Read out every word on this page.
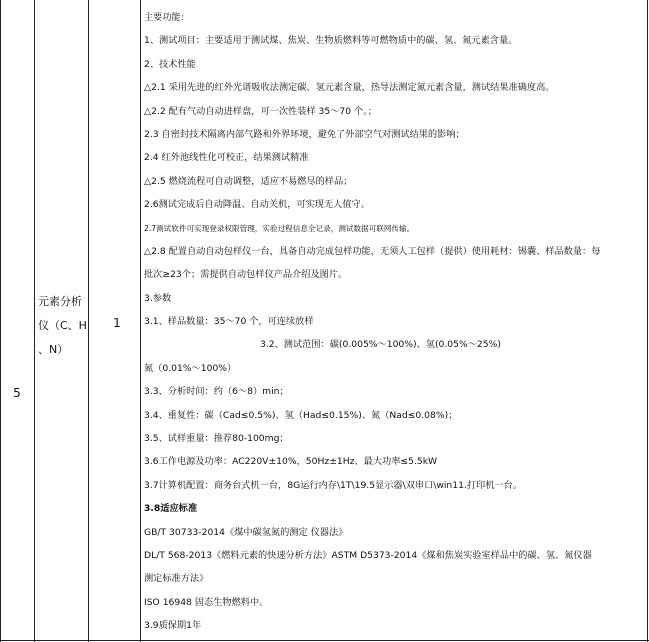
5
元素分析
仪（C、H
、N）
1
主要功能:
1、测试项目：主要适用于测试煤、焦炭、生物质燃料等可燃物质中的碳、氢、氮元素含量。
2、技术性能
△2.1 采用先进的红外光谱吸收法测定碳、氢元素含量，热导法测定氮元素含量，测试结果准确度高。
△2.2 配有气动自动进样盘，可一次性装样 35～70 个。；
2.3 自密封技术隔离内部气路和外界环境，避免了外部空气对测试结果的影响；
2.4 红外池线性化可校正，结果测试精准
△2.5 燃烧流程可自动调整，适应不易燃尽的样品；
2.6测试完成后自动降温、自动关机，可实现无人值守。
2.7测试软件可实现登录权限管理，实验过程信息全记录，测试数据可联网传输。
△2.8 配置自动自动包样仪一台，具备自动完成包样功能，无须人工包样（提供）使用耗材：锡囊、样品数量：每
批次≥23个；需提供自动包样仪产品介绍及图片。
3.参数
3.1、样品数量：35～70 个，可连续放样
3.2、测试范围：碳(0.005%～100%)、氢(0.05%～25%)
氮（0.01%～100%）
3.3、分析时间：约（6～8）min；
3.4、重复性：碳（Cad≤0.5%)、氢（Had≤0.15%)、氮（Nad≤0.08%)；
3.5、试样重量：推荐80-100mg；
3.6工作电源及功率：AC220V±10%，50Hz±1Hz、最大功率≤5.5kW
3.7计算机配置：商务台式机一台，8G运行内存\1T\19.5显示器\双串口\win11.打印机一台。
3.8适应标准
GB/T 30733-2014《煤中碳氢氮的测定 仪器法》
DL/T 568-2013《燃料元素的快速分析方法》ASTM D5373-2014《煤和焦炭实验室样品中的碳、氢、氮仪器
测定标准方法》
ISO 16948 固态生物燃料中。
3.9质保期1年
